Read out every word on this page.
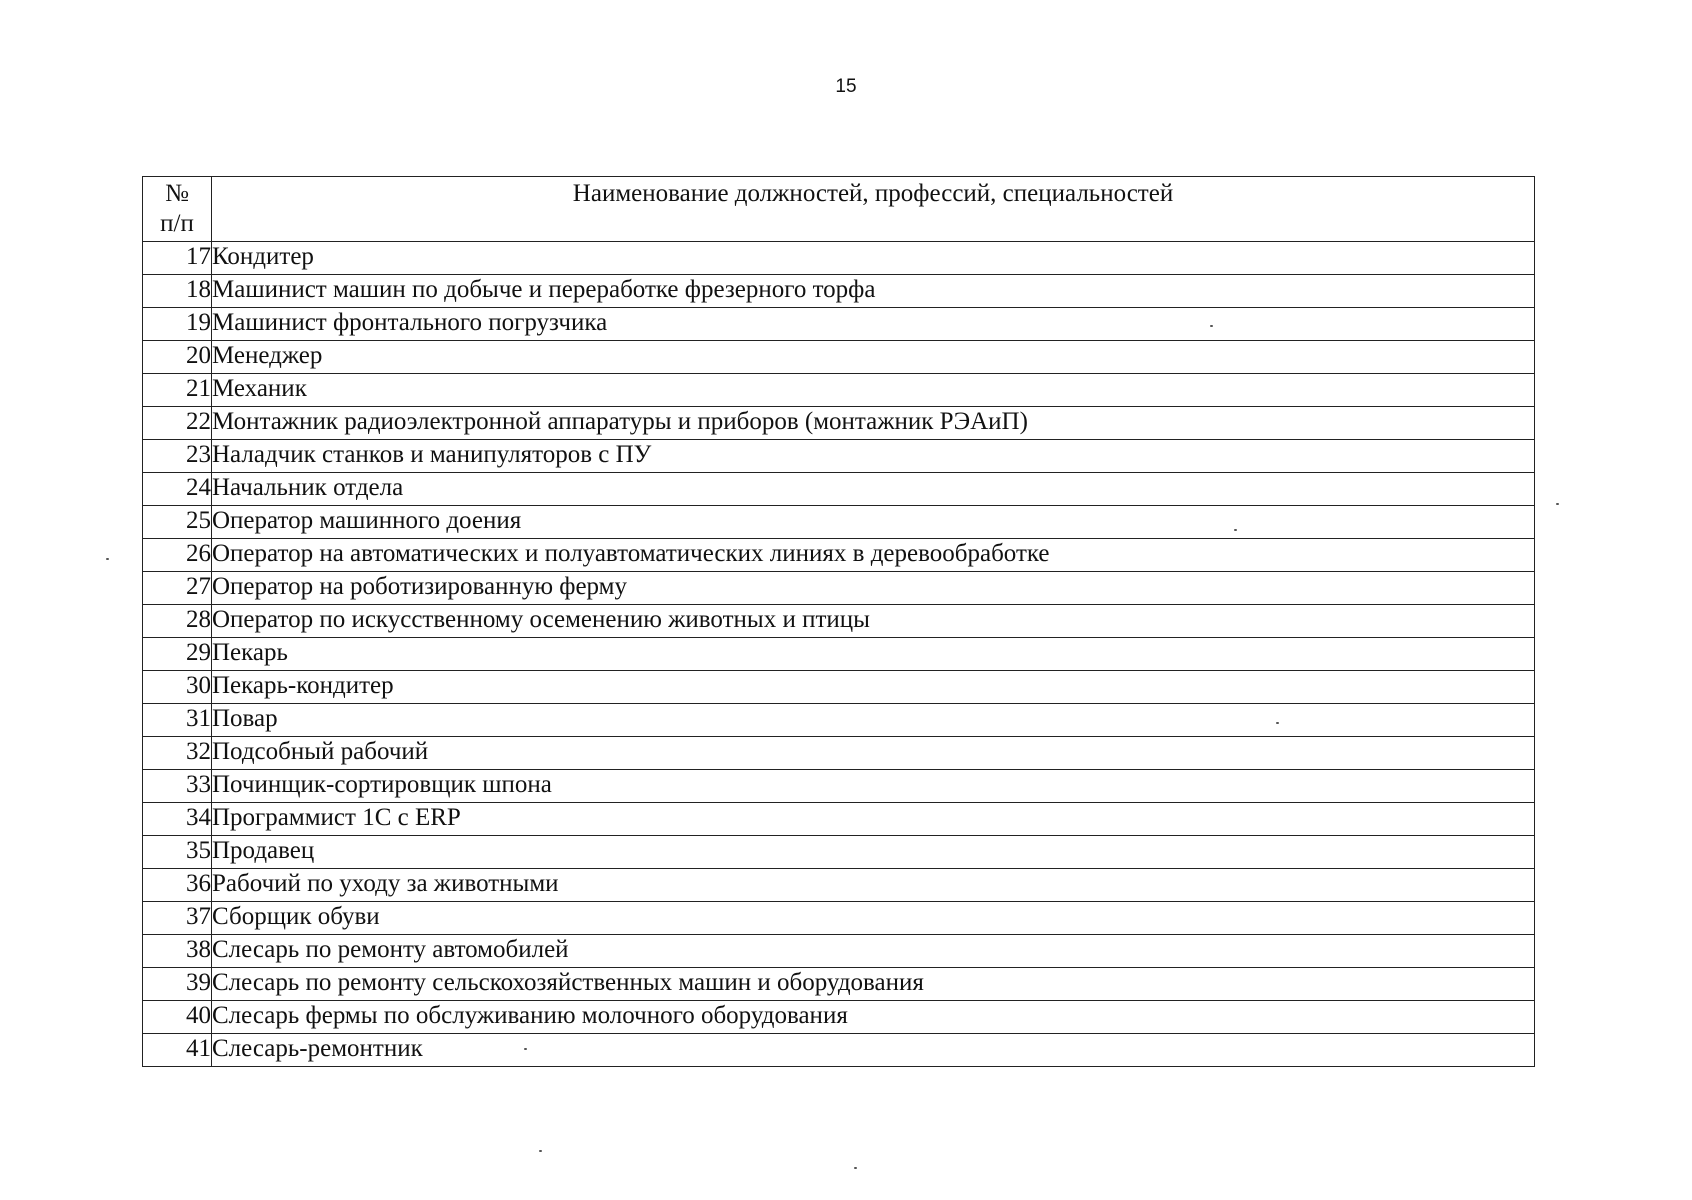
15
№
п/п	Наименование должностей, профессий, специальностей
17	Кондитер
18	Машинист машин по добыче и переработке фрезерного торфа
19	Машинист фронтального погрузчика
20	Менеджер
21	Механик
22	Монтажник радиоэлектронной аппаратуры и приборов (монтажник РЭАиП)
23	Наладчик станков и манипуляторов с ПУ
24	Начальник отдела
25	Оператор машинного доения
26	Оператор на автоматических и полуавтоматических линиях в деревообработке
27	Оператор на роботизированную ферму
28	Оператор по искусственному осеменению животных и птицы
29	Пекарь
30	Пекарь-кондитер
31	Повар
32	Подсобный рабочий
33	Починщик-сортировщик шпона
34	Программист 1С с ERP
35	Продавец
36	Рабочий по уходу за животными
37	Сборщик обуви
38	Слесарь по ремонту автомобилей
39	Слесарь по ремонту сельскохозяйственных машин и оборудования
40	Слесарь фермы по обслуживанию молочного оборудования
41	Слесарь-ремонтник
